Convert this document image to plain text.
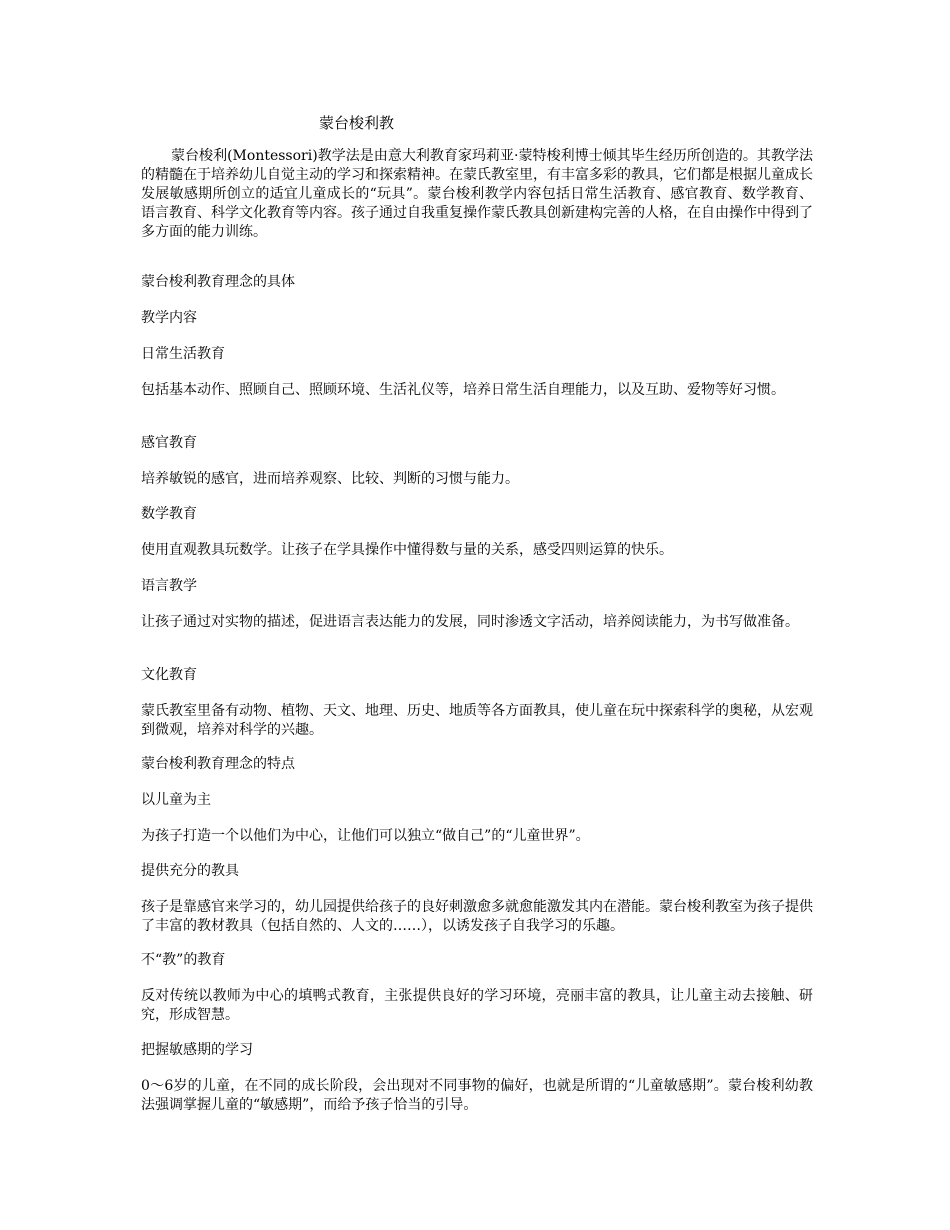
蒙台梭利教

蒙台梭利(Montessori)教学法是由意大利教育家玛莉亚·蒙特梭利博士倾其毕生经历所创造的。其教学法的精髓在于培养幼儿自觉主动的学习和探索精神。在蒙氏教室里，有丰富多彩的教具，它们都是根据儿童成长发展敏感期所创立的适宜儿童成长的“玩具”。蒙台梭利教学内容包括日常生活教育、感官教育、数学教育、语言教育、科学文化教育等内容。孩子通过自我重复操作蒙氏教具创新建构完善的人格，在自由操作中得到了多方面的能力训练。

蒙台梭利教育理念的具体

教学内容

日常生活教育

包括基本动作、照顾自己、照顾环境、生活礼仪等，培养日常生活自理能力，以及互助、爱物等好习惯。

感官教育

培养敏锐的感官，进而培养观察、比较、判断的习惯与能力。

数学教育

使用直观教具玩数学。让孩子在学具操作中懂得数与量的关系，感受四则运算的快乐。

语言教学

让孩子通过对实物的描述，促进语言表达能力的发展，同时渗透文字活动，培养阅读能力，为书写做准备。

文化教育

蒙氏教室里备有动物、植物、天文、地理、历史、地质等各方面教具，使儿童在玩中探索科学的奥秘，从宏观到微观，培养对科学的兴趣。

蒙台梭利教育理念的特点

以儿童为主

为孩子打造一个以他们为中心，让他们可以独立“做自己”的“儿童世界”。

提供充分的教具

孩子是靠感官来学习的，幼儿园提供给孩子的良好刺激愈多就愈能激发其内在潜能。蒙台梭利教室为孩子提供了丰富的教材教具（包括自然的、人文的……），以诱发孩子自我学习的乐趣。

不“教”的教育

反对传统以教师为中心的填鸭式教育，主张提供良好的学习环境，亮丽丰富的教具，让儿童主动去接触、研究，形成智慧。

把握敏感期的学习

0～6岁的儿童，在不同的成长阶段，会出现对不同事物的偏好，也就是所谓的“儿童敏感期”。蒙台梭利幼教法强调掌握儿童的“敏感期”，而给予孩子恰当的引导。
